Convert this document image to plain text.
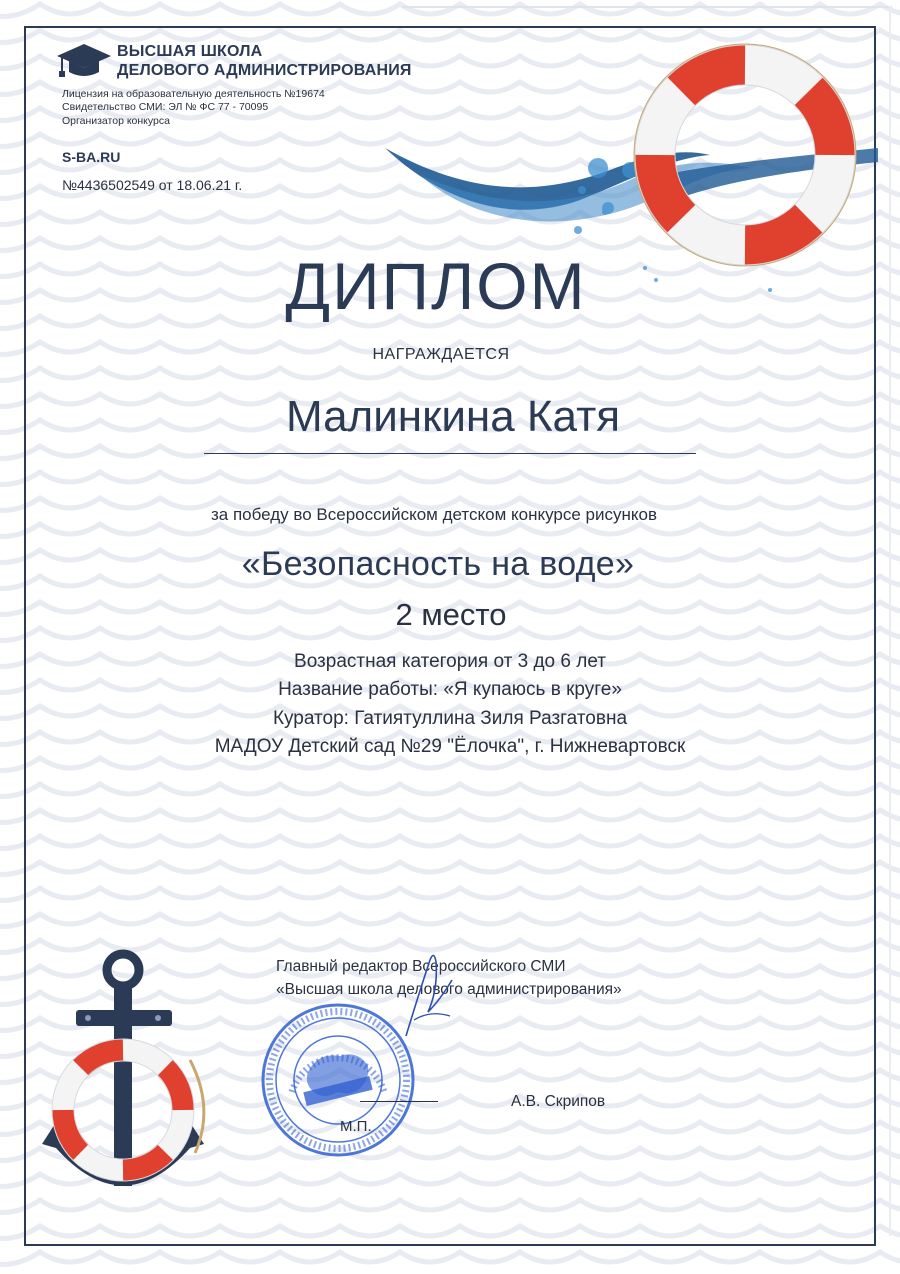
ВЫСШАЯ ШКОЛА
ДЕЛОВОГО АДМИНИСТРИРОВАНИЯ
Лицензия на образовательную деятельность №19674
Свидетельство СМИ: ЭЛ № ФС 77 - 70095
Организатор конкурса
S-BA.RU
№4436502549 от 18.06.21 г.
ДИПЛОМ
НАГРАЖДАЕТСЯ
Малинкина Катя
за победу во Всероссийском детском конкурсе рисунков
«Безопасность на воде»
2 место
Возрастная категория от 3 до 6 лет
Название работы: «Я купаюсь в круге»
Куратор: Гатиятуллина Зиля Разгатовна
МАДОУ Детский сад №29 "Ёлочка", г. Нижневартовск
Главный редактор Всероссийского СМИ
«Высшая школа делового администрирования»
М.П.
А.В. Скрипов
